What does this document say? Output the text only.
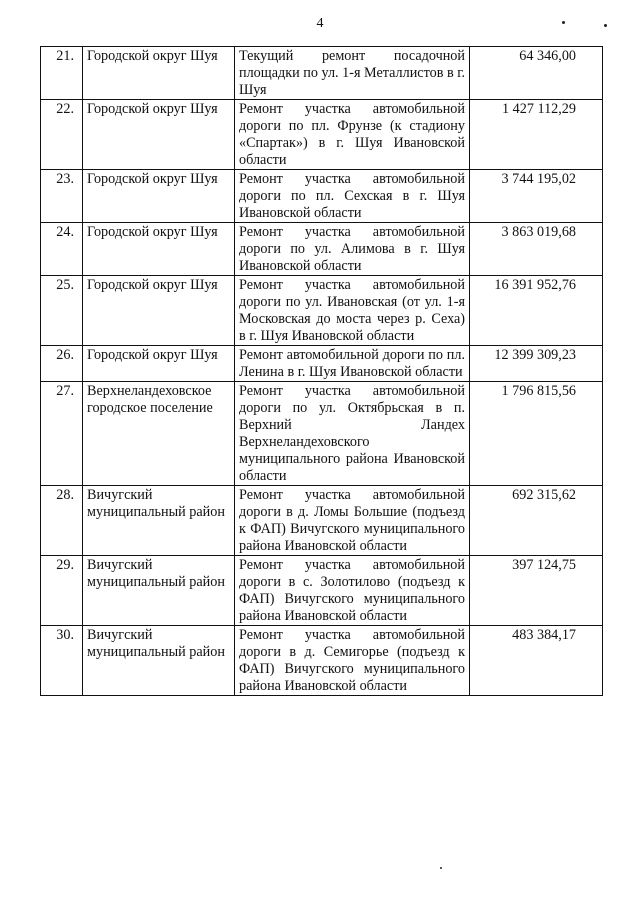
4
21.	Городской округ Шуя	Текущий ремонт посадочной площадки по ул. 1-я Металлистов в г. Шуя	64 346,00
22.	Городской округ Шуя	Ремонт участка автомобильной дороги по пл. Фрунзе (к стадиону «Спартак») в г. Шуя Ивановской области	1 427 112,29
23.	Городской округ Шуя	Ремонт участка автомобильной дороги по пл. Сехская в г. Шуя Ивановской области	3 744 195,02
24.	Городской округ Шуя	Ремонт участка автомобильной дороги по ул. Алимова в г. Шуя Ивановской области	3 863 019,68
25.	Городской округ Шуя	Ремонт участка автомобильной дороги по ул. Ивановская (от ул. 1-я Московская до моста через р. Сеха) в г. Шуя Ивановской области	16 391 952,76
26.	Городской округ Шуя	Ремонт автомобильной дороги по пл. Ленина в г. Шуя Ивановской области	12 399 309,23
27.	Верхнеландеховское городское поселение	Ремонт участка автомобильной дороги по ул. Октябрьская в п. Верхний Ландех Верхнеландеховского муниципального района Ивановской области	1 796 815,56
28.	Вичугский муниципальный район	Ремонт участка автомобильной дороги в д. Ломы Большие (подъезд к ФАП) Вичугского муниципального района Ивановской области	692 315,62
29.	Вичугский муниципальный район	Ремонт участка автомобильной дороги в с. Золотилово (подъезд к ФАП) Вичугского муниципального района Ивановской области	397 124,75
30.	Вичугский муниципальный район	Ремонт участка автомобильной дороги в д. Семигорье (подъезд к ФАП) Вичугского муниципального района Ивановской области	483 384,17
